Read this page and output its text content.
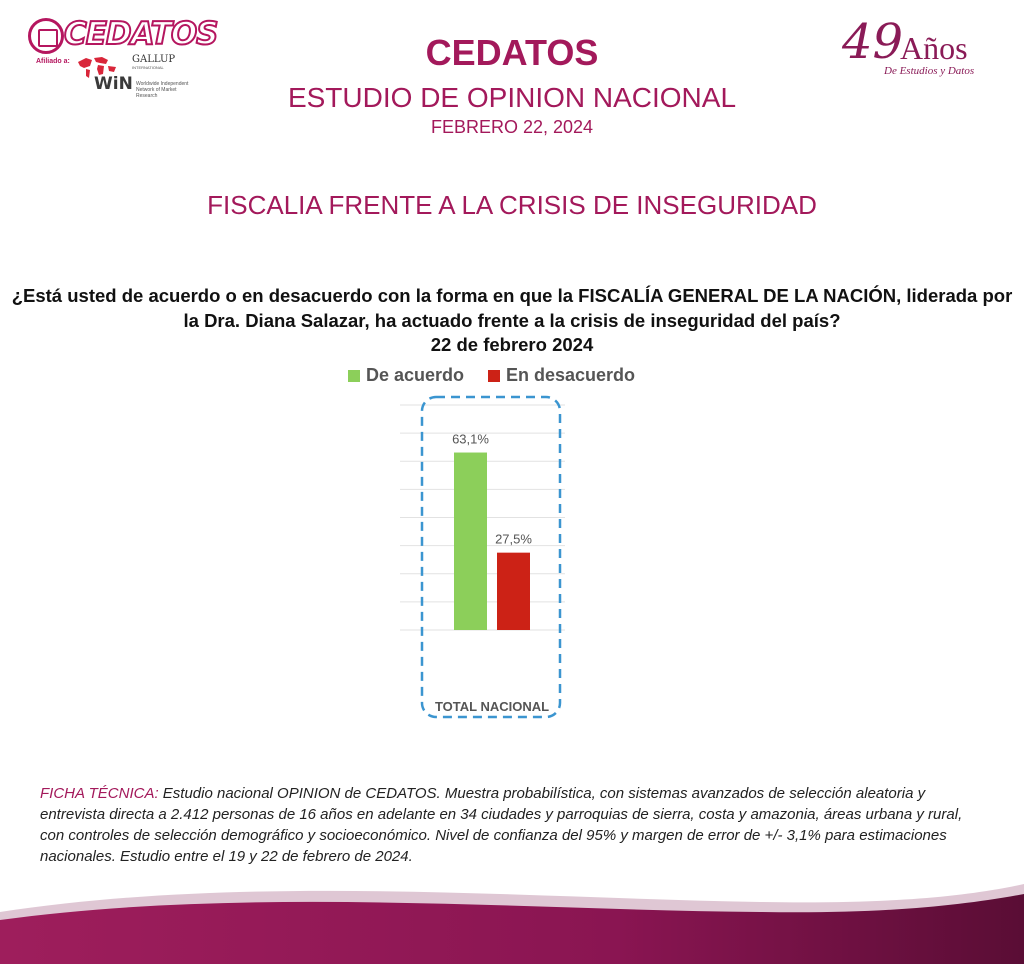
CEDATOS
Afiliado a:
WiN
GALLUP
INTERNATIONAL
Worldwide Independent Network of Market Research
49
Años
De Estudios y Datos
CEDATOS
ESTUDIO DE OPINION NACIONAL
FEBRERO 22, 2024
FISCALIA FRENTE A LA CRISIS DE INSEGURIDAD
¿Está usted de acuerdo o en desacuerdo con la forma en que la FISCALÍA GENERAL DE LA NACIÓN, liderada por la Dra. Diana Salazar, ha actuado frente a la crisis de inseguridad del país?
22 de febrero 2024
De acuerdo En desacuerdo
63,1%
27,5%
TOTAL NACIONAL
FICHA TÉCNICA: Estudio nacional OPINION de CEDATOS. Muestra probabilística, con sistemas avanzados de selección aleatoria y entrevista directa a 2.412 personas de 16 años en adelante en 34 ciudades y parroquias de sierra, costa y amazonia, áreas urbana y rural, con controles de selección demográfico y socioeconómico. Nivel de confianza del 95% y margen de error de +/- 3,1% para estimaciones nacionales. Estudio entre el 19 y 22 de febrero de 2024.
